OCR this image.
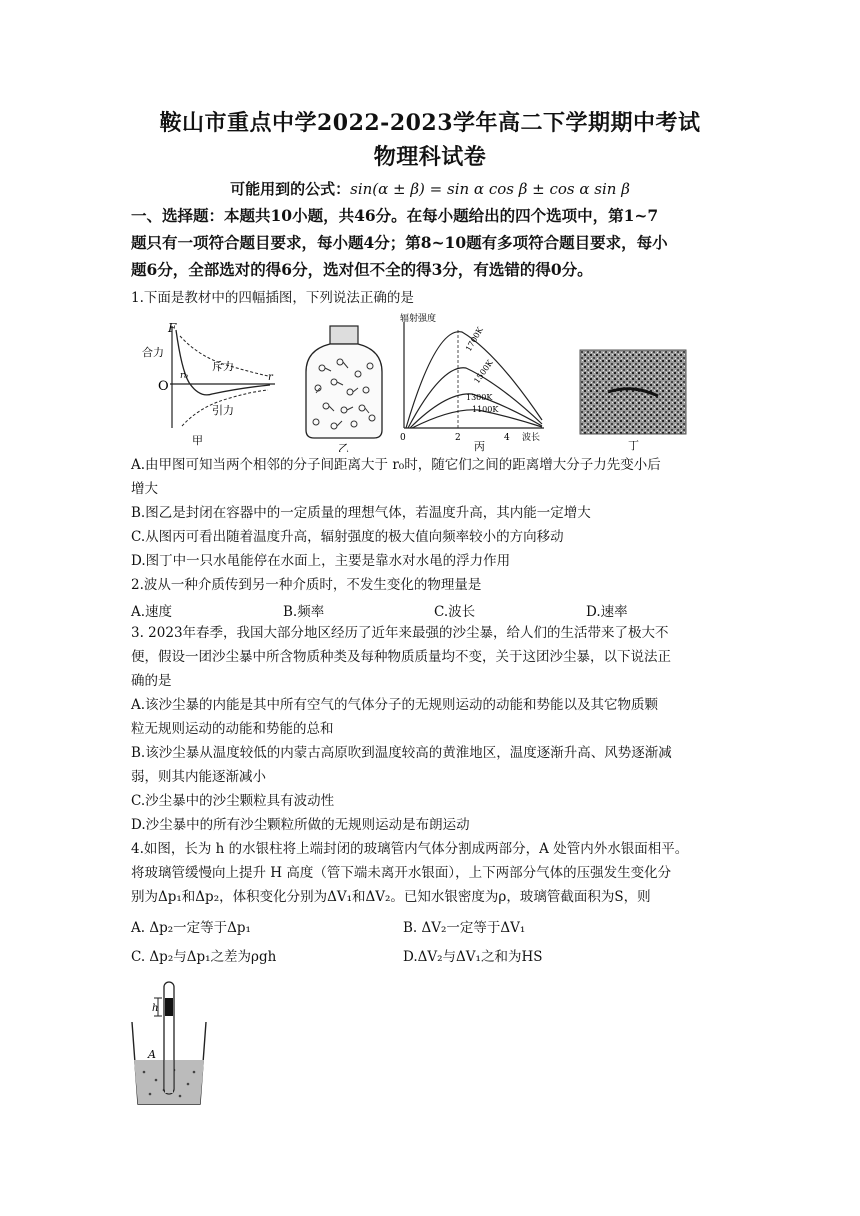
鞍山市重点中学2022-2023学年高二下学期期中考试
物理科试卷
可能用到的公式：sin(α ± β) = sin α cos β ± cos α sin β
一、选择题：本题共10小题，共46分。在每小题给出的四个选项中，第1~7
题只有一项符合题目要求，每小题4分；第8~10题有多项符合题目要求，每小
题6分，全部选对的得6分，选对但不全的得3分，有选错的得0分。
1.下面是教材中的四幅插图，下列说法正确的是
F
合力
斥力
引力
r₀
O
r
甲
乙
辐射强度
1700K
1500K
1300K
1100K
0	2	4 波长
丙	丁
A.由甲图可知当两个相邻的分子间距离大于 r₀时，随它们之间的距离增大分子力先变小后
增大
B.图乙是封闭在容器中的一定质量的理想气体，若温度升高，其内能一定增大
C.从图丙可看出随着温度升高，辐射强度的极大值向频率较小的方向移动
D.图丁中一只水黾能停在水面上，主要是靠水对水黾的浮力作用
2.波从一种介质传到另一种介质时，不发生变化的物理量是
A.速度	B.频率	C.波长	D.速率
3. 2023年春季，我国大部分地区经历了近年来最强的沙尘暴，给人们的生活带来了极大不
便，假设一团沙尘暴中所含物质种类及每种物质质量均不变，关于这团沙尘暴，以下说法正
确的是
A.该沙尘暴的内能是其中所有空气的气体分子的无规则运动的动能和势能以及其它物质颗
粒无规则运动的动能和势能的总和
B.该沙尘暴从温度较低的内蒙古高原吹到温度较高的黄淮地区，温度逐渐升高、风势逐渐减
弱，则其内能逐渐减小
C.沙尘暴中的沙尘颗粒具有波动性
D.沙尘暴中的所有沙尘颗粒所做的无规则运动是布朗运动
4.如图，长为 h 的水银柱将上端封闭的玻璃管内气体分割成两部分，A 处管内外水银面相平。
将玻璃管缓慢向上提升 H 高度（管下端未离开水银面），上下两部分气体的压强发生变化分
别为Δp₁和Δp₂，体积变化分别为ΔV₁和ΔV₂。已知水银密度为ρ，玻璃管截面积为S，则
A. Δp₂一定等于Δp₁	B. ΔV₂一定等于ΔV₁
C. Δp₂与Δp₁之差为ρgh	D.ΔV₂与ΔV₁之和为HS
h
A
